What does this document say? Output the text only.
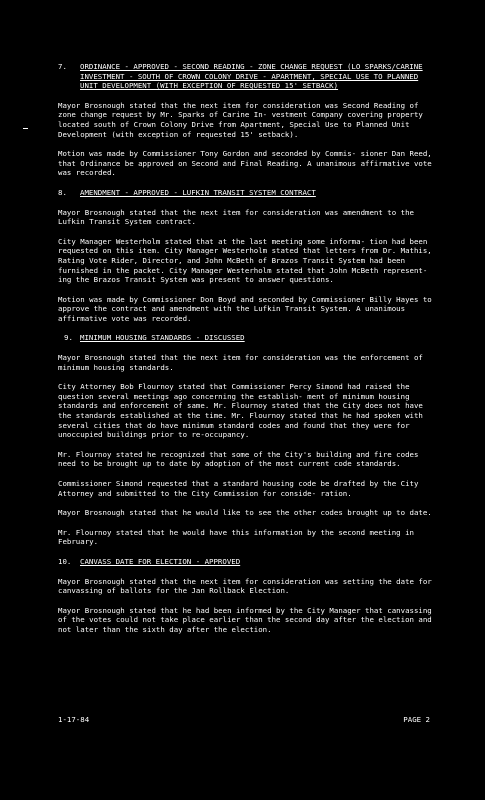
7.	ORDINANCE - APPROVED - SECOND READING - ZONE CHANGE REQUEST (LO SPARKS/CARINE INVESTMENT - SOUTH OF CROWN COLONY DRIVE - APARTMENT, SPECIAL USE TO PLANNED UNIT DEVELOPMENT (WITH EXCEPTION OF REQUESTED 15' SETBACK)

Mayor Brosnough stated that the next item for consideration was Second Reading of zone change request by Mr. Sparks of Carine In- vestment Company covering property located south of Crown Colony Drive from Apartment, Special Use to Planned Unit Development (with exception of requested 15' setback).

Motion was made by Commissioner Tony Gordon and seconded by Commis- sioner Dan Reed, that Ordinance be approved on Second and Final Reading. A unanimous affirmative vote was recorded.

8. AMENDMENT - APPROVED - LUFKIN TRANSIT SYSTEM CONTRACT

Mayor Brosnough stated that the next item for consideration was amendment to the Lufkin Transit System contract.

City Manager Westerholm stated that at the last meeting some informa- tion had been requested on this item. City Manager Westerholm stated that letters from Dr. Mathis, Rating Vote Rider, Director, and John McBeth of Brazos Transit System had been furnished in the packet. City Manager Westerholm stated that John McBeth represent- ing the Brazos Transit System was present to answer questions.

Motion was made by Commissioner Don Boyd and seconded by Commissioner Billy Hayes to approve the contract and amendment with the Lufkin Transit System. A unanimous affirmative vote was recorded.

9. MINIMUM HOUSING STANDARDS - DISCUSSED

Mayor Brosnough stated that the next item for consideration was the enforcement of minimum housing standards.

City Attorney Bob Flournoy stated that Commissioner Percy Simond had raised the question several meetings ago concerning the establish- ment of minimum housing standards and enforcement of same. Mr. Flournoy stated that the City does not have the standards established at the time. Mr. Flournoy stated that he had spoken with several cities that do have minimum standard codes and found that they were for unoccupied buildings prior to re-occupancy.

Mr. Flournoy stated he recognized that some of the City's building and fire codes need to be brought up to date by adoption of the most current code standards.

Commissioner Simond requested that a standard housing code be drafted by the City Attorney and submitted to the City Commission for conside- ration.

Mayor Brosnough stated that he would like to see the other codes brought up to date.

Mr. Flournoy stated that he would have this information by the second meeting in February.

10. CANVASS DATE FOR ELECTION - APPROVED

Mayor Brosnough stated that the next item for consideration was setting the date for canvassing of ballots for the Jan Rollback Election.

Mayor Brosnough stated that he had been informed by the City Manager that canvassing of the votes could not take place earlier than the second day after the election and not later than the sixth day after the election.

1-17-84	PAGE 2
